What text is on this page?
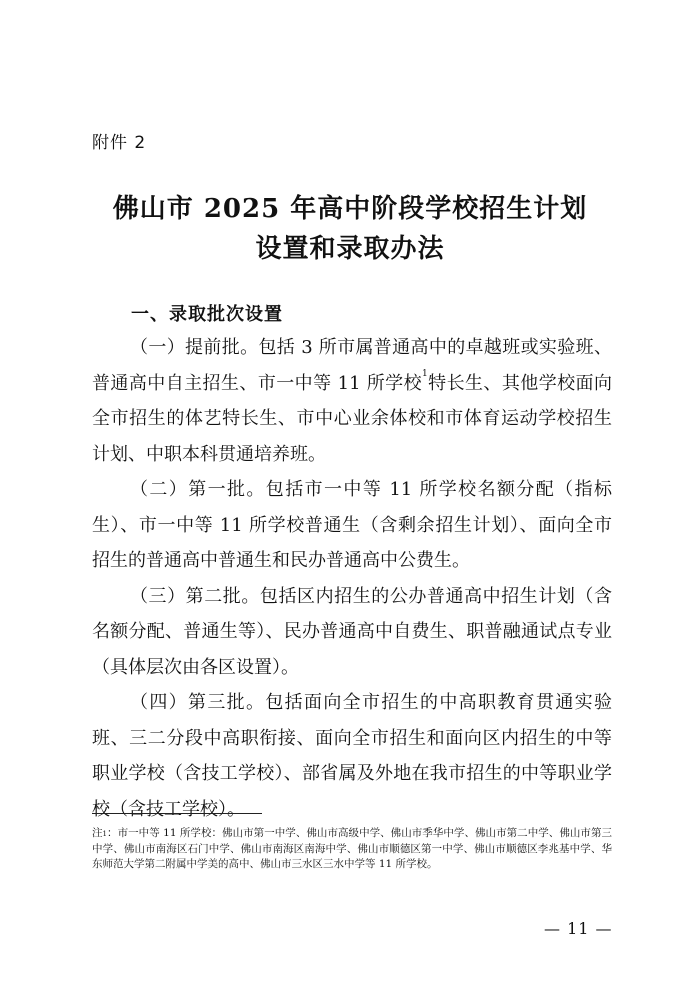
附件 2
佛山市 2025 年高中阶段学校招生计划
设置和录取办法
一、录取批次设置

（一）提前批。包括 3 所市属普通高中的卓越班或实验班、普通高中自主招生、市一中等 11 所学校$^1$特长生、其他学校面向全市招生的体艺特长生、市中心业余体校和市体育运动学校招生计划、中职本科贯通培养班。

（二）第一批。包括市一中等 11 所学校名额分配（指标生）、市一中等 11 所学校普通生（含剩余招生计划）、面向全市招生的普通高中普通生和民办普通高中公费生。

（三）第二批。包括区内招生的公办普通高中招生计划（含名额分配、普通生等）、民办普通高中自费生、职普融通试点专业（具体层次由各区设置）。

（四）第三批。包括面向全市招生的中高职教育贯通实验班、三二分段中高职衔接、面向全市招生和面向区内招生的中等职业学校（含技工学校）、部省属及外地在我市招生的中等职业学校（含技工学校）。

注$^1$：市一中等 11 所学校：佛山市第一中学、佛山市高级中学、佛山市季华中学、佛山市第二中学、佛山市第三中学、佛山市南海区石门中学、佛山市南海区南海中学、佛山市顺德区第一中学、佛山市顺德区李兆基中学、华东师范大学第二附属中学美的高中、佛山市三水区三水中学等 11 所学校。
— 11 —
